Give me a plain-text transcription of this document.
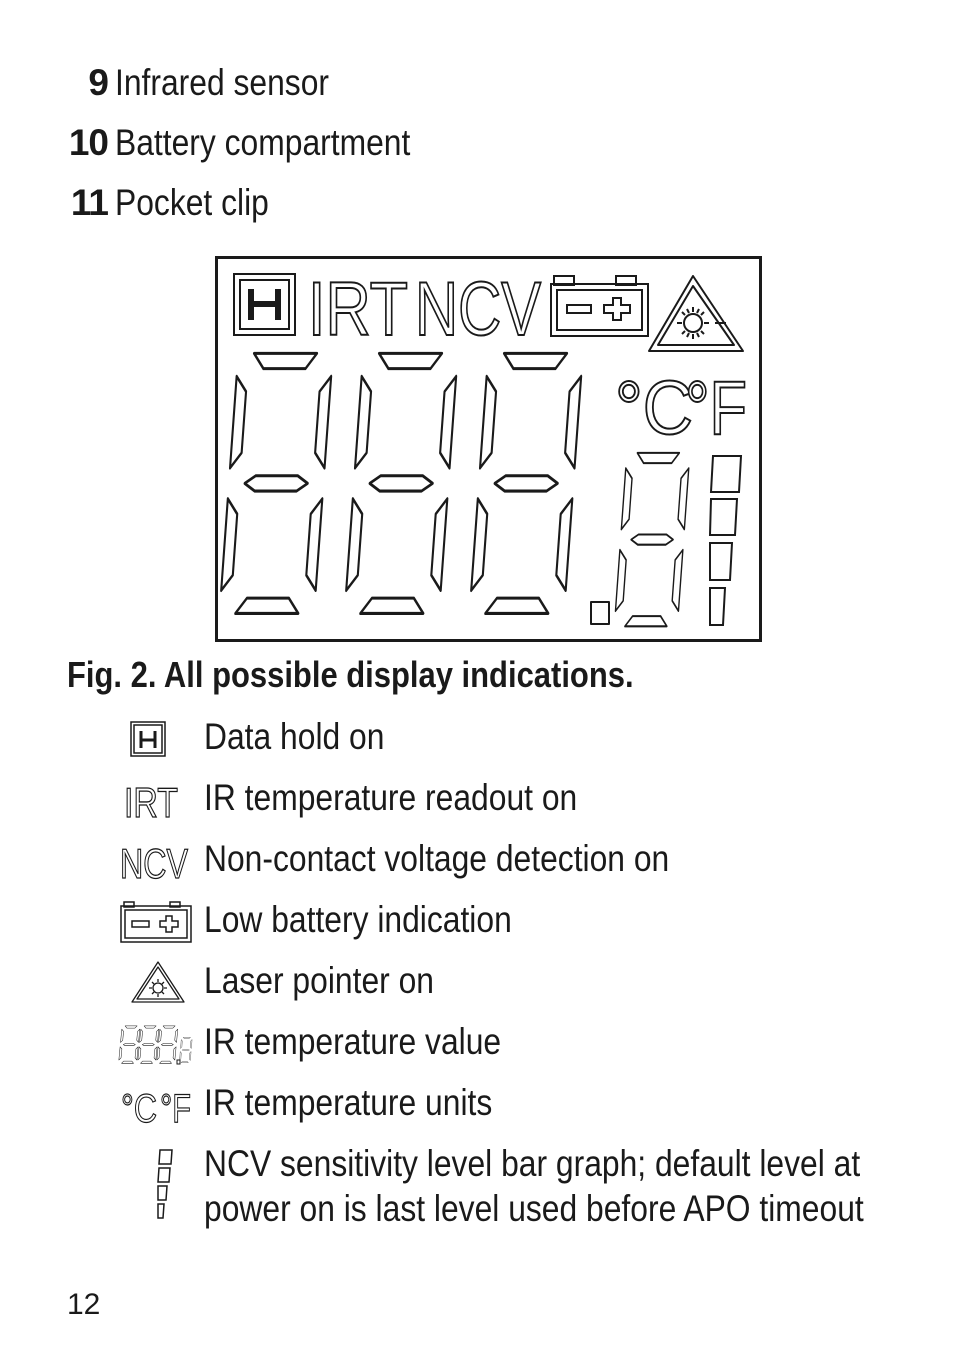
9 Infrared sensor
10 Battery compartment
11 Pocket clip
IRT NCV
°C
°F
Fig. 2. All possible display indications.
Data hold on
IRT IR temperature readout on
NCV Non-contact voltage detection on
Low battery indication
Laser pointer on
IR temperature value
°C °F IR temperature units
NCV sensitivity level bar graph; default level at
power on is last level used before APO timeout
12
